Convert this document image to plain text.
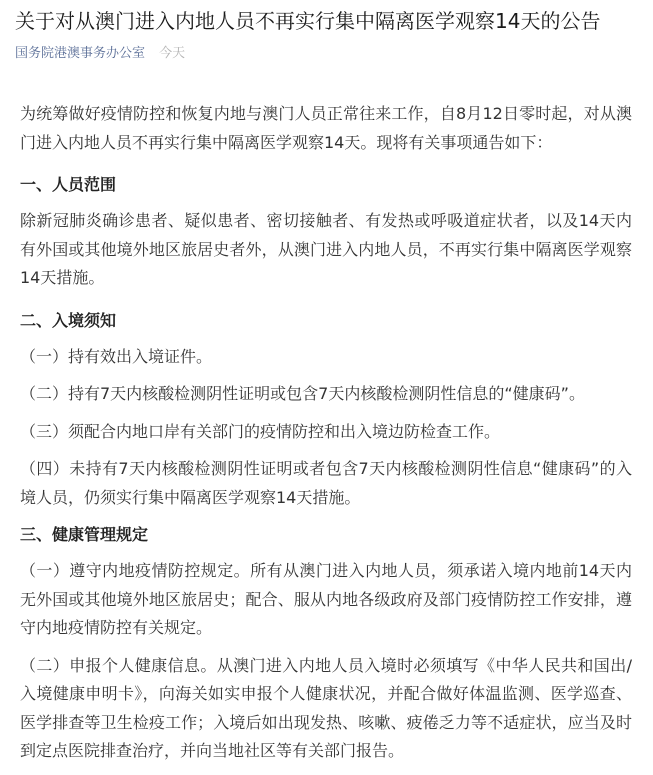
关于对从澳门进入内地人员不再实行集中隔离医学观察14天的公告
国务院港澳事务办公室 今天

为统筹做好疫情防控和恢复内地与澳门人员正常往来工作，自8月12日零时起，对从澳门进入内地人员不再实行集中隔离医学观察14天。现将有关事项通告如下：

一、人员范围

除新冠肺炎确诊患者、疑似患者、密切接触者、有发热或呼吸道症状者，以及14天内有外国或其他境外地区旅居史者外，从澳门进入内地人员，不再实行集中隔离医学观察14天措施。

二、入境须知

（一）持有效出入境证件。

（二）持有7天内核酸检测阴性证明或包含7天内核酸检测阴性信息的“健康码”。

（三）须配合内地口岸有关部门的疫情防控和出入境边防检查工作。

（四）未持有7天内核酸检测阴性证明或者包含7天内核酸检测阴性信息“健康码”的入境人员，仍须实行集中隔离医学观察14天措施。

三、健康管理规定

（一）遵守内地疫情防控规定。所有从澳门进入内地人员，须承诺入境内地前14天内无外国或其他境外地区旅居史；配合、服从内地各级政府及部门疫情防控工作安排，遵守内地疫情防控有关规定。

（二）申报个人健康信息。从澳门进入内地人员入境时必须填写《中华人民共和国出/入境健康申明卡》，向海关如实申报个人健康状况，并配合做好体温监测、医学巡查、医学排查等卫生检疫工作；入境后如出现发热、咳嗽、疲倦乏力等不适症状，应当及时到定点医院排查治疗，并向当地社区等有关部门报告。
